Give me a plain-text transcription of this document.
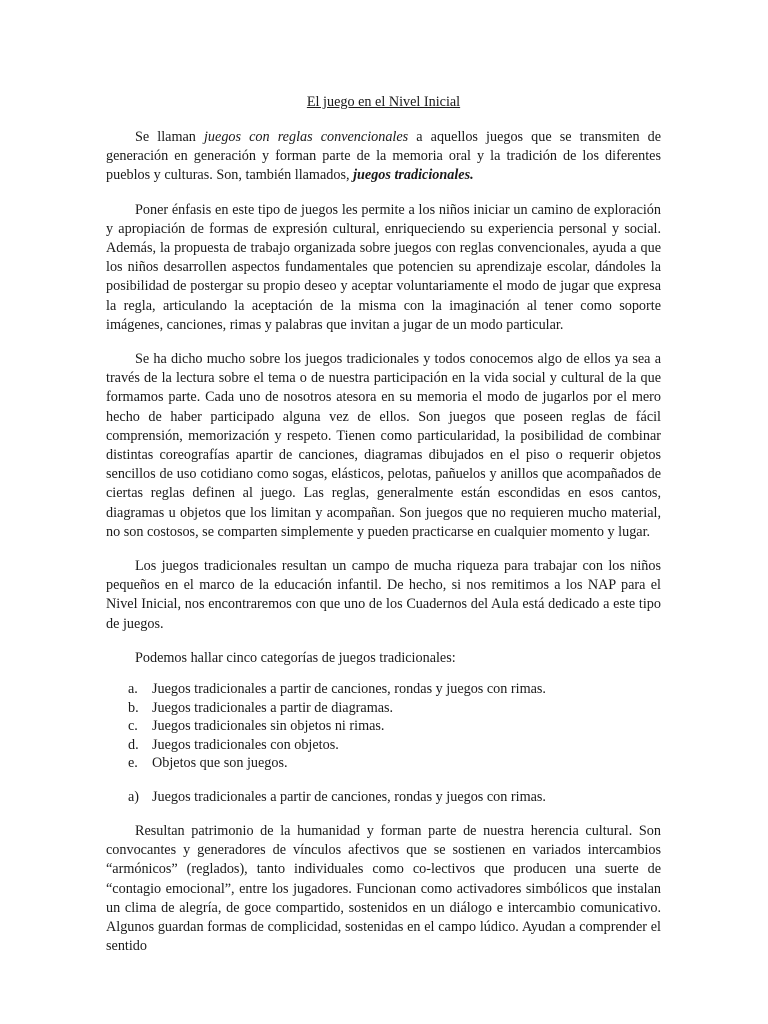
El juego en el Nivel Inicial

Se llaman juegos con reglas convencionales a aquellos juegos que se transmiten de generación en generación y forman parte de la memoria oral y la tradición de los diferentes pueblos y culturas. Son, también llamados, juegos tradicionales.

Poner énfasis en este tipo de juegos les permite a los niños iniciar un camino de exploración y apropiación de formas de expresión cultural, enriqueciendo su experiencia personal y social. Además, la propuesta de trabajo organizada sobre juegos con reglas convencionales, ayuda a que los niños desarrollen aspectos fundamentales que potencien su aprendizaje escolar, dándoles la posibilidad de postergar su propio deseo y aceptar voluntariamente el modo de jugar que expresa la regla, articulando la aceptación de la misma con la imaginación al tener como soporte imágenes, canciones, rimas y palabras que invitan a jugar de un modo particular.

Se ha dicho mucho sobre los juegos tradicionales y todos conocemos algo de ellos ya sea a través de la lectura sobre el tema o de nuestra participación en la vida social y cultural de la que formamos parte. Cada uno de nosotros atesora en su memoria el modo de jugarlos por el mero hecho de haber participado alguna vez de ellos. Son juegos que poseen reglas de fácil comprensión, memorización y respeto. Tienen como particularidad, la posibilidad de combinar distintas coreografías apartir de canciones, diagramas dibujados en el piso o requerir objetos sencillos de uso cotidiano como sogas, elásticos, pelotas, pañuelos y anillos que acompañados de ciertas reglas definen al juego. Las reglas, generalmente están escondidas en esos cantos, diagramas u objetos que los limitan y acompañan. Son juegos que no requieren mucho material, no son costosos, se comparten simplemente y pueden practicarse en cualquier momento y lugar.

Los juegos tradicionales resultan un campo de mucha riqueza para trabajar con los niños pequeños en el marco de la educación infantil. De hecho, si nos remitimos a los NAP para el Nivel Inicial, nos encontraremos con que uno de los Cuadernos del Aula está dedicado a este tipo de juegos.

Podemos hallar cinco categorías de juegos tradicionales:

a. Juegos tradicionales a partir de canciones, rondas y juegos con rimas.
b. Juegos tradicionales a partir de diagramas.
c. Juegos tradicionales sin objetos ni rimas.
d. Juegos tradicionales con objetos.
e. Objetos que son juegos.
a) Juegos tradicionales a partir de canciones, rondas y juegos con rimas.

Resultan patrimonio de la humanidad y forman parte de nuestra herencia cultural. Son convocantes y generadores de vínculos afectivos que se sostienen en variados intercambios “armónicos” (reglados), tanto individuales como co-lectivos que producen una suerte de “contagio emocional”, entre los jugadores. Funcionan como activadores simbólicos que instalan un clima de alegría, de goce compartido, sostenidos en un diálogo e intercambio comunicativo. Algunos guardan formas de complicidad, sostenidas en el campo lúdico. Ayudan a comprender el sentido
